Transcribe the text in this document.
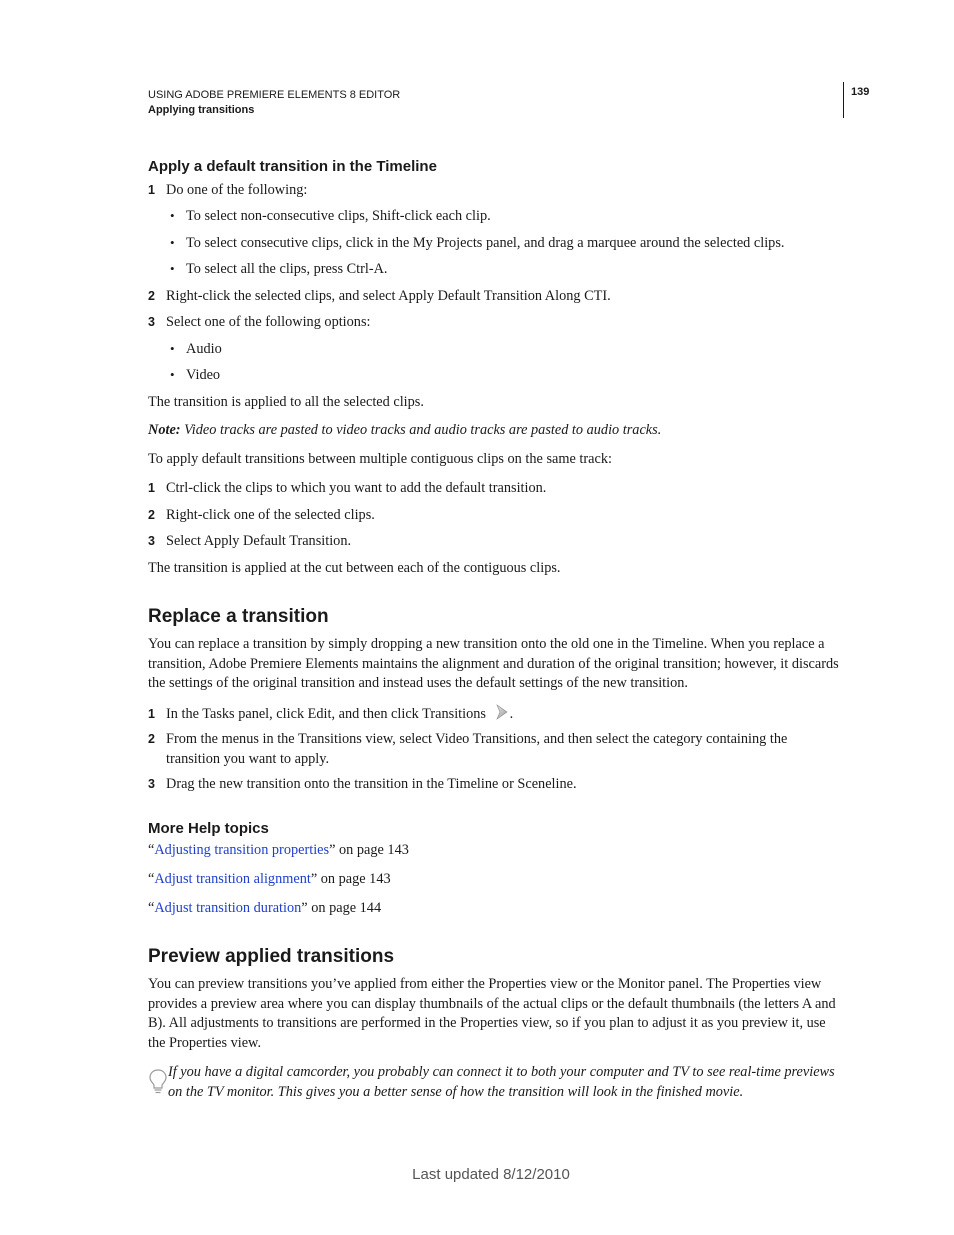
USING ADOBE PREMIERE ELEMENTS 8 EDITOR
Applying transitions
139
Apply a default transition in the Timeline
1 Do one of the following:
• To select non-consecutive clips, Shift-click each clip.
• To select consecutive clips, click in the My Projects panel, and drag a marquee around the selected clips.
• To select all the clips, press Ctrl-A.
2 Right-click the selected clips, and select Apply Default Transition Along CTI.
3 Select one of the following options:
• Audio
• Video
The transition is applied to all the selected clips.
Note: Video tracks are pasted to video tracks and audio tracks are pasted to audio tracks.
To apply default transitions between multiple contiguous clips on the same track:
1 Ctrl-click the clips to which you want to add the default transition.
2 Right-click one of the selected clips.
3 Select Apply Default Transition.
The transition is applied at the cut between each of the contiguous clips.
Replace a transition
You can replace a transition by simply dropping a new transition onto the old one in the Timeline. When you replace a transition, Adobe Premiere Elements maintains the alignment and duration of the original transition; however, it discards the settings of the original transition and instead uses the default settings of the new transition.
1 In the Tasks panel, click Edit, and then click Transitions .
2 From the menus in the Transitions view, select Video Transitions, and then select the category containing the transition you want to apply.
3 Drag the new transition onto the transition in the Timeline or Sceneline.
More Help topics
“Adjusting transition properties” on page 143
“Adjust transition alignment” on page 143
“Adjust transition duration” on page 144
Preview applied transitions
You can preview transitions you’ve applied from either the Properties view or the Monitor panel. The Properties view provides a preview area where you can display thumbnails of the actual clips or the default thumbnails (the letters A and B). All adjustments to transitions are performed in the Properties view, so if you plan to adjust it as you preview it, use the Properties view.
If you have a digital camcorder, you probably can connect it to both your computer and TV to see real-time previews on the TV monitor. This gives you a better sense of how the transition will look in the finished movie.
Last updated 8/12/2010
